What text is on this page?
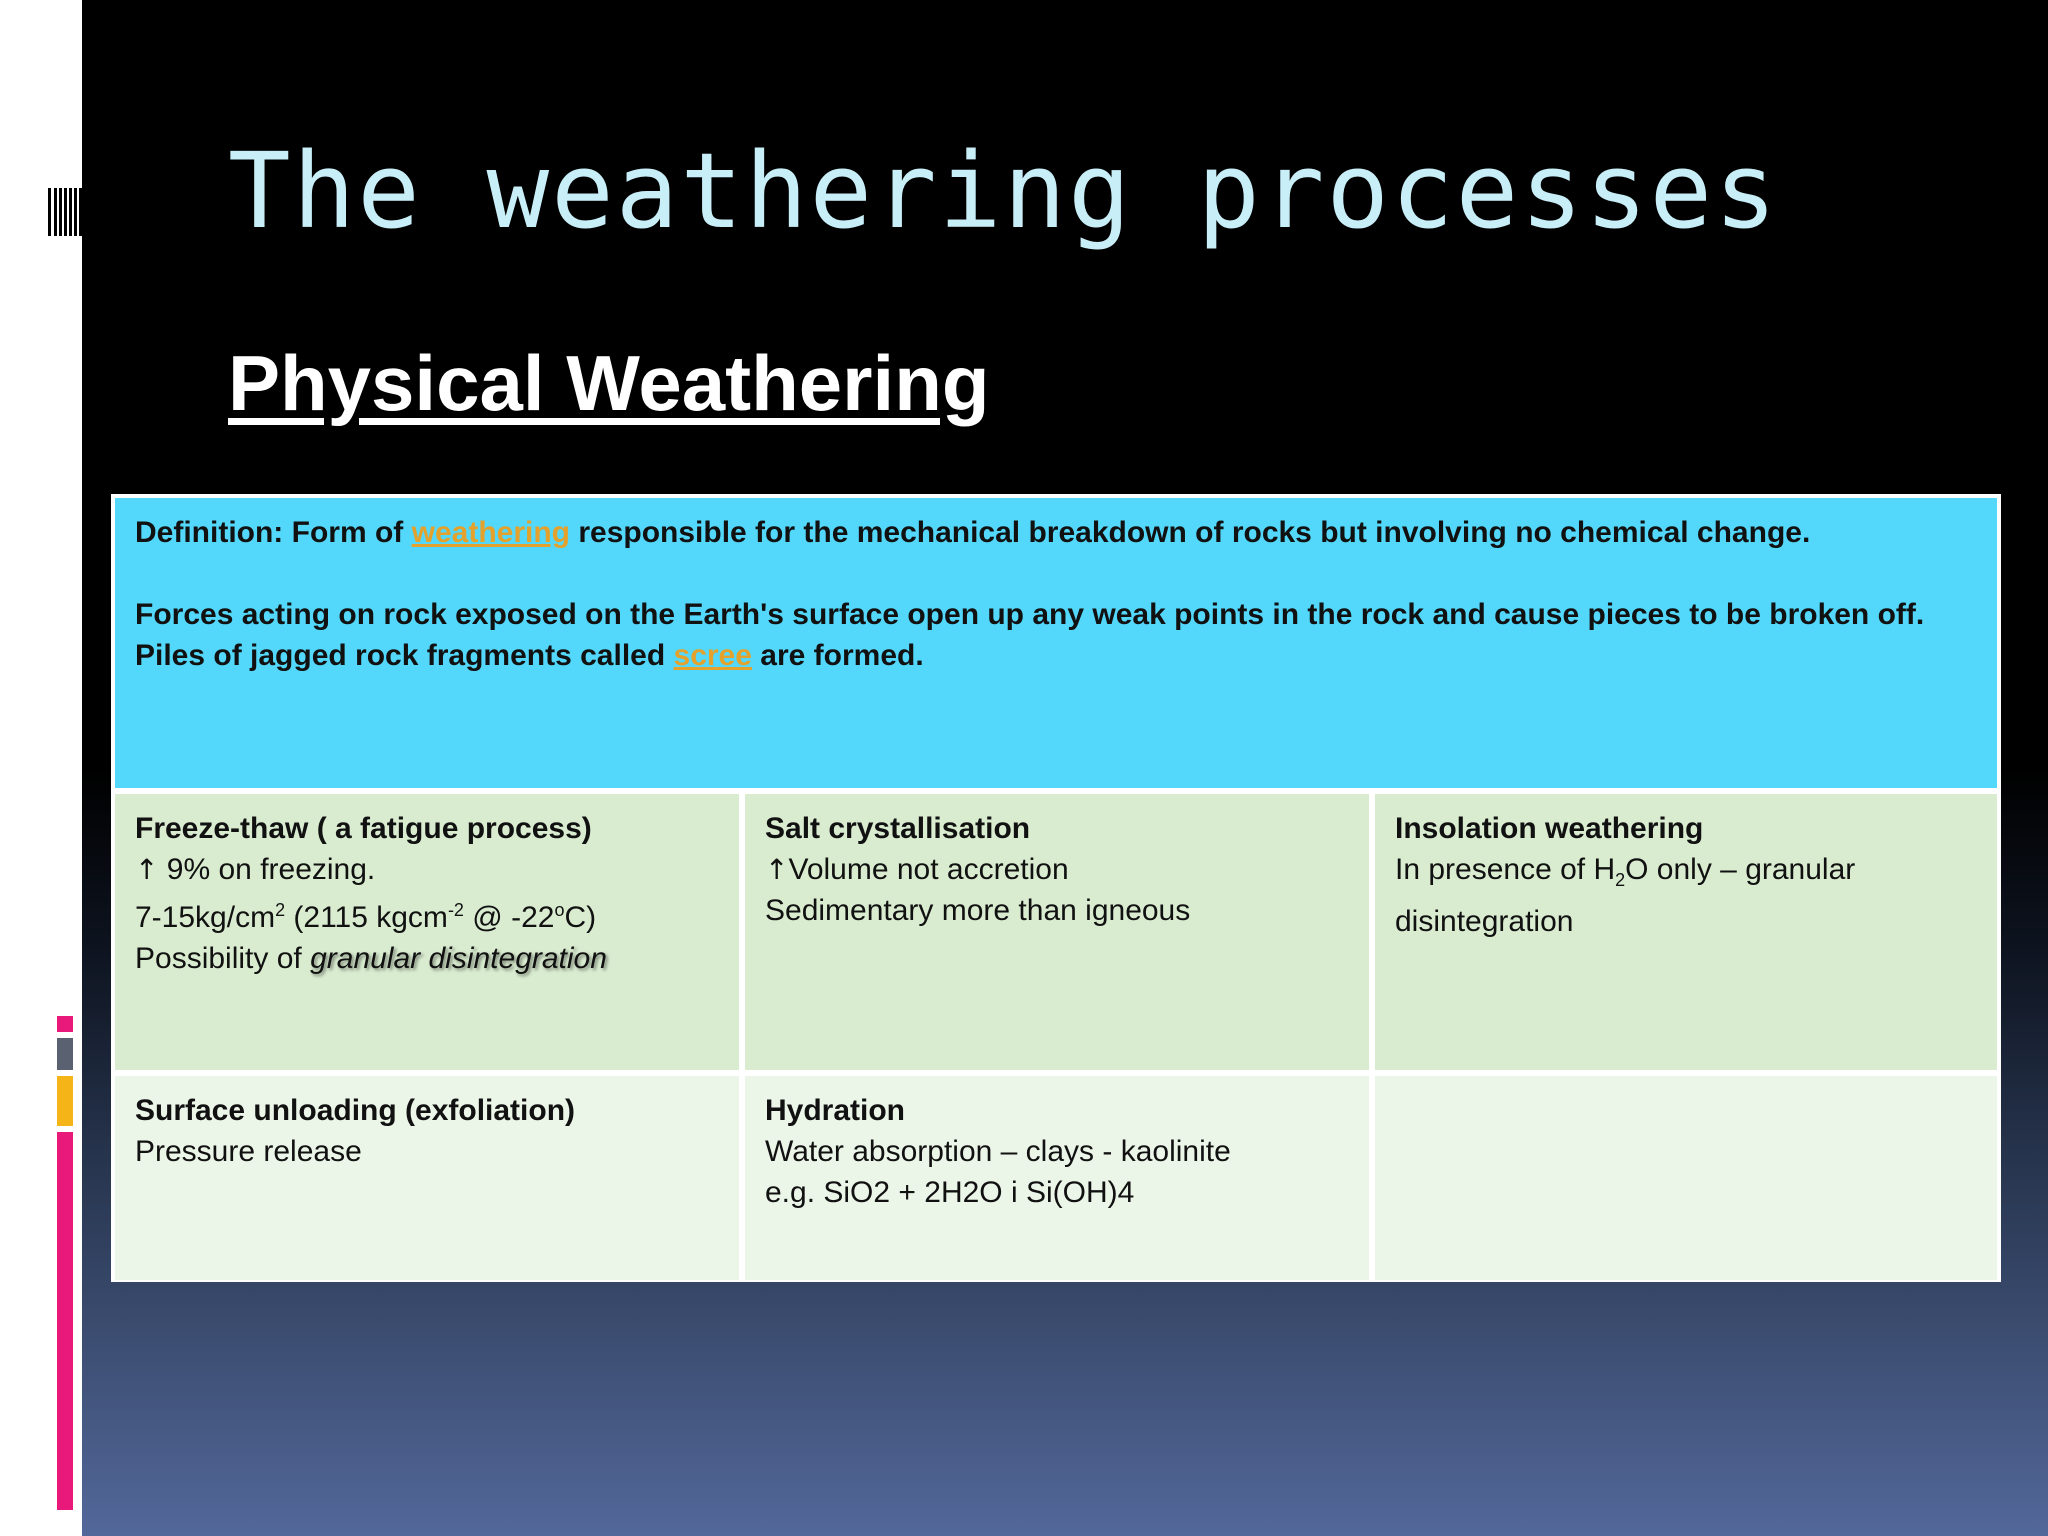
The weathering processes
Physical Weathering

Definition: Form of weathering responsible for the mechanical breakdown of rocks but involving no chemical change.

Forces acting on rock exposed on the Earth's surface open up any weak points in the rock and cause pieces to be broken off.

Piles of jagged rock fragments called scree are formed.

Freeze-thaw ( a fatigue process)
↑ 9% on freezing.
$7-15kg/cm^2$ (2115 kgcm$^{-2}$ @ -22$^o$C)
Possibility of granular disintegration
Salt crystallisation
↑Volume not accretion
Sedimentary more than igneous
Insolation weathering
In presence of $H_2O$ only – granular
disintegration
Surface unloading (exfoliation)
Pressure release
Hydration
Water absorption – clays - kaolinite
e.g. SiO2 + 2H2O i Si(OH)4
